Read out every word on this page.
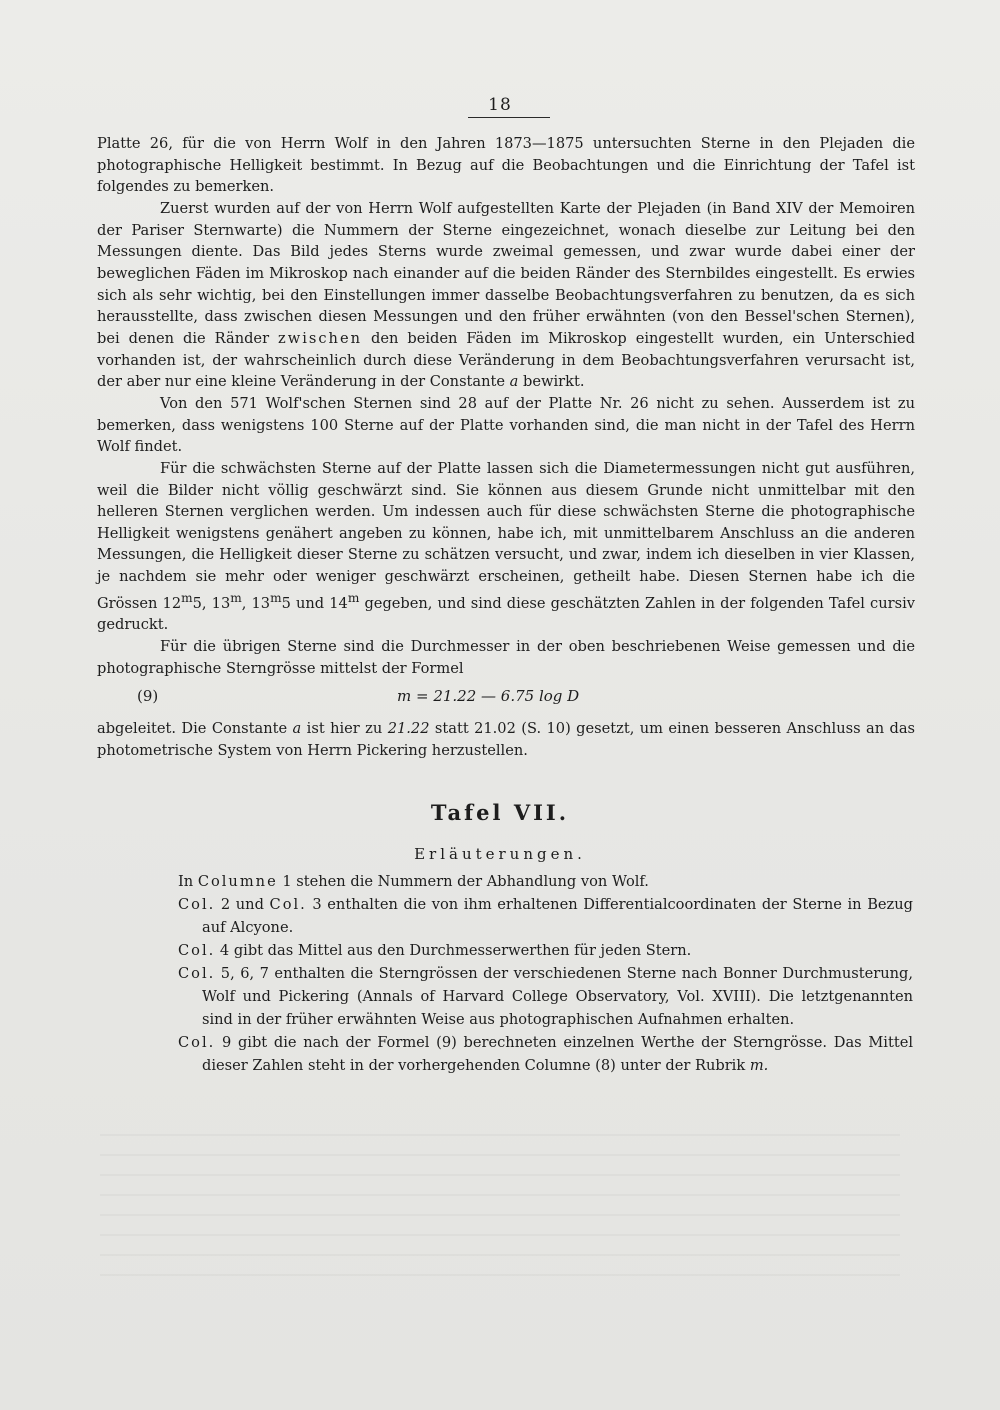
18

Platte 26, für die von Herrn Wolf in den Jahren 1873—1875 untersuchten Sterne in den Plejaden die photographische Helligkeit bestimmt. In Bezug auf die Beobachtungen und die Einrichtung der Tafel ist folgendes zu bemerken.

Zuerst wurden auf der von Herrn Wolf aufgestellten Karte der Plejaden (in Band XIV der Memoiren der Pariser Sternwarte) die Nummern der Sterne eingezeichnet, wonach dieselbe zur Leitung bei den Messungen diente. Das Bild jedes Sterns wurde zweimal gemessen, und zwar wurde dabei einer der beweglichen Fäden im Mikroskop nach einander auf die beiden Ränder des Sternbildes eingestellt. Es erwies sich als sehr wichtig, bei den Einstellungen immer dasselbe Beobachtungsverfahren zu benutzen, da es sich herausstellte, dass zwischen diesen Messungen und den früher erwähnten (von den Bessel'schen Sternen), bei denen die Ränder zwischen den beiden Fäden im Mikroskop eingestellt wurden, ein Unterschied vorhanden ist, der wahrscheinlich durch diese Veränderung in dem Beobachtungsverfahren verursacht ist, der aber nur eine kleine Veränderung in der Constante a bewirkt.

Von den 571 Wolf'schen Sternen sind 28 auf der Platte Nr. 26 nicht zu sehen. Ausserdem ist zu bemerken, dass wenigstens 100 Sterne auf der Platte vorhanden sind, die man nicht in der Tafel des Herrn Wolf findet.

Für die schwächsten Sterne auf der Platte lassen sich die Diametermessungen nicht gut ausführen, weil die Bilder nicht völlig geschwärzt sind. Sie können aus diesem Grunde nicht unmittelbar mit den helleren Sternen verglichen werden. Um indessen auch für diese schwächsten Sterne die photographische Helligkeit wenigstens genähert angeben zu können, habe ich, mit unmittelbarem Anschluss an die anderen Messungen, die Helligkeit dieser Sterne zu schätzen versucht, und zwar, indem ich dieselben in vier Klassen, je nachdem sie mehr oder weniger geschwärzt erscheinen, getheilt habe. Diesen Sternen habe ich die Grössen 12$^m$5, 13$^m$, 13$^m$5 und 14$^m$ gegeben, und sind diese geschätzten Zahlen in der folgenden Tafel cursiv gedruckt.

Für die übrigen Sterne sind die Durchmesser in der oben beschriebenen Weise gemessen und die photographische Sterngrösse mittelst der Formel

(9)	m = 21.22 — 6.75 log D

abgeleitet. Die Constante a ist hier zu 21.22 statt 21.02 (S. 10) gesetzt, um einen besseren Anschluss an das photometrische System von Herrn Pickering herzustellen.

Tafel VII.
Erläuterungen.

In Columne 1 stehen die Nummern der Abhandlung von Wolf.

Col. 2 und Col. 3 enthalten die von ihm erhaltenen Differentialcoordinaten der Sterne in Bezug auf Alcyone.

Col. 4 gibt das Mittel aus den Durchmesserwerthen für jeden Stern.

Col. 5, 6, 7 enthalten die Sterngrössen der verschiedenen Sterne nach Bonner Durchmusterung, Wolf und Pickering (Annals of Harvard College Observatory, Vol. XVIII). Die letztgenannten sind in der früher erwähnten Weise aus photographischen Aufnahmen erhalten.

Col. 9 gibt die nach der Formel (9) berechneten einzelnen Werthe der Sterngrösse. Das Mittel dieser Zahlen steht in der vorhergehenden Columne (8) unter der Rubrik m.
